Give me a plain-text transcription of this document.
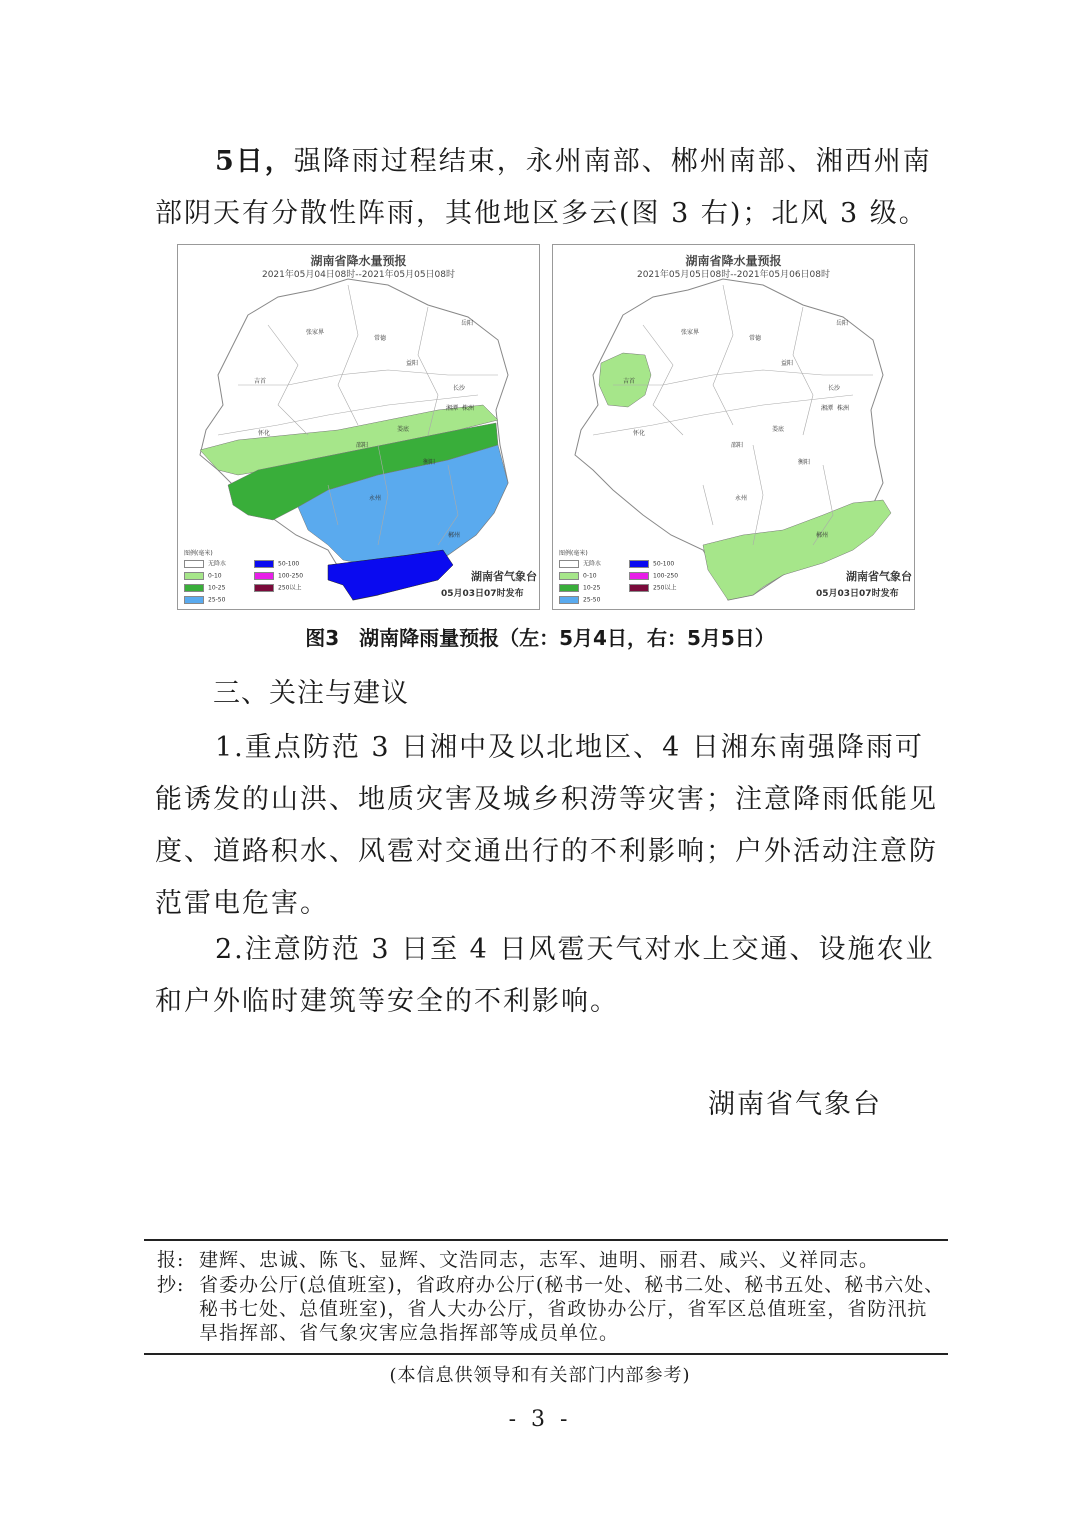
5日，强降雨过程结束，永州南部、郴州南部、湘西州南部阴天有分散性阵雨，其他地区多云(图 3 右)；北风 3 级。
湖南省降水量预报
2021年05月04日08时--2021年05月05日08时
岳阳
张家界
常德
益阳
长沙
吉首
湘潭 株洲
怀化
娄底
邵阳
衡阳
永州
郴州
图例(毫米)
无降水
0-10
10-25
25-50
50-100
100-250
250以上
湖南省气象台
05月03日07时发布
湖南省降水量预报
2021年05月05日08时--2021年05月06日08时
岳阳
张家界
常德
益阳
长沙
吉首
湘潭 株洲
怀化
娄底
邵阳
衡阳
永州
郴州
图例(毫米)
无降水
0-10
10-25
25-50
50-100
100-250
250以上
湖南省气象台
05月03日07时发布
图3　湖南降雨量预报（左：5月4日，右：5月5日）
三、关注与建议
1.重点防范 3 日湘中及以北地区、4 日湘东南强降雨可能诱发的山洪、地质灾害及城乡积涝等灾害；注意降雨低能见度、道路积水、风雹对交通出行的不利影响；户外活动注意防范雷电危害。
2.注意防范 3 日至 4 日风雹天气对水上交通、设施农业和户外临时建筑等安全的不利影响。
湖南省气象台
报: 建辉、忠诚、陈飞、显辉、文浩同志，志军、迪明、丽君、咸兴、义祥同志。
抄: 省委办公厅(总值班室)，省政府办公厅(秘书一处、秘书二处、秘书五处、秘书六处、秘书七处、总值班室)，省人大办公厅，省政协办公厅，省军区总值班室，省防汛抗旱指挥部、省气象灾害应急指挥部等成员单位。
(本信息供领导和有关部门内部参考)
- 3 -
